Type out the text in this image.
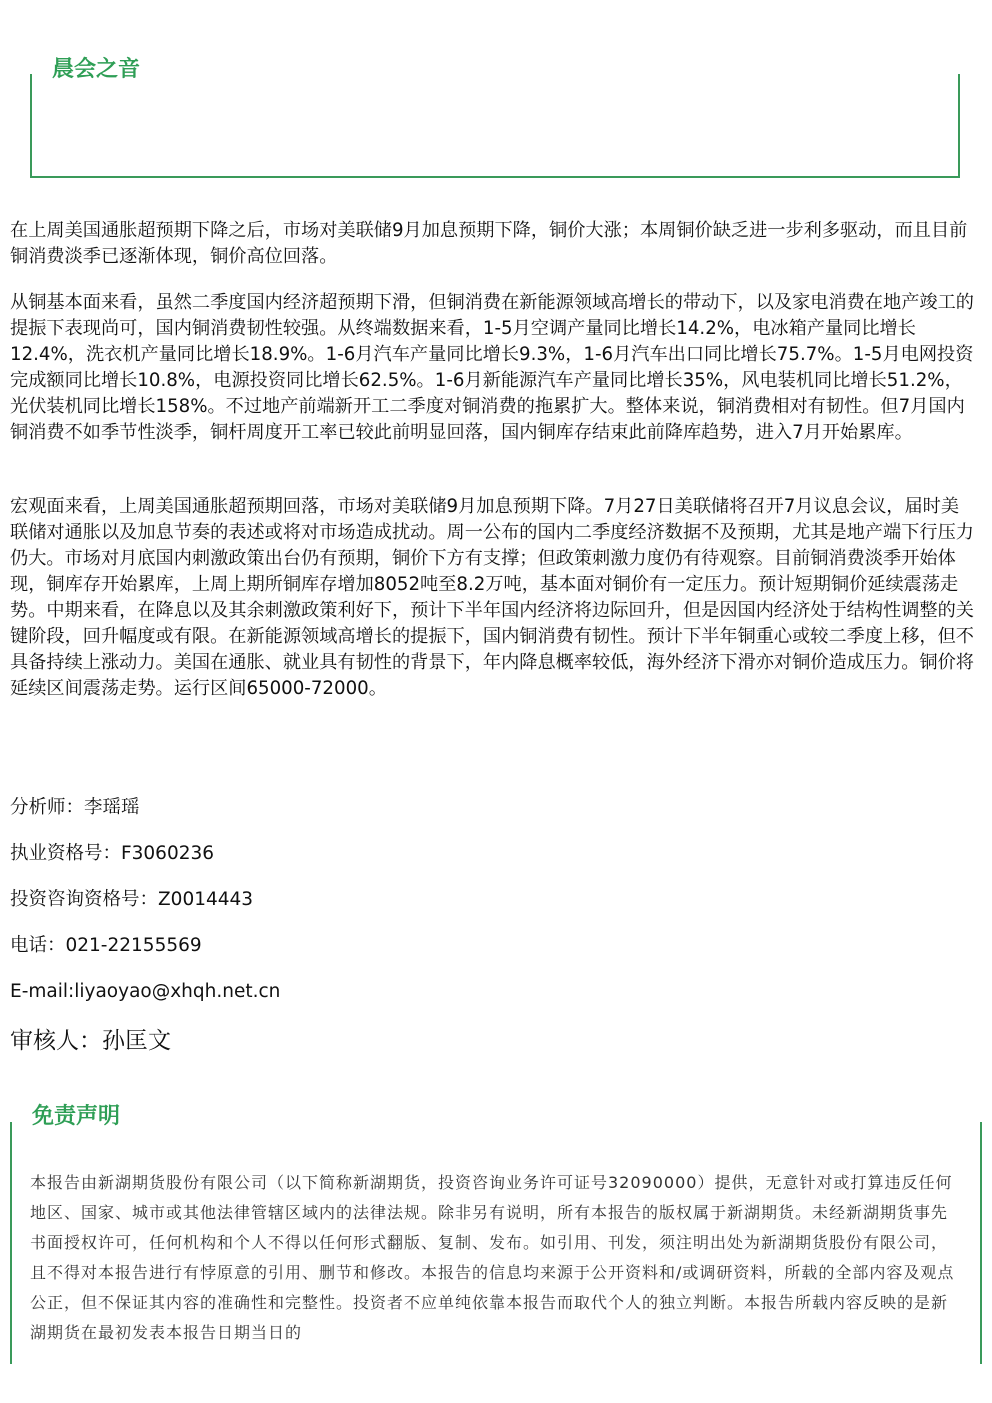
晨会之音
在上周美国通胀超预期下降之后，市场对美联储9月加息预期下降，铜价大涨；本周铜价缺乏进一步利多驱动，而且目前铜消费淡季已逐渐体现，铜价高位回落。
从铜基本面来看，虽然二季度国内经济超预期下滑，但铜消费在新能源领域高增长的带动下，以及家电消费在地产竣工的提振下表现尚可，国内铜消费韧性较强。从终端数据来看，1-5月空调产量同比增长14.2%，电冰箱产量同比增长12.4%，洗衣机产量同比增长18.9%。1-6月汽车产量同比增长9.3%，1-6月汽车出口同比增长75.7%。1-5月电网投资完成额同比增长10.8%，电源投资同比增长62.5%。1-6月新能源汽车产量同比增长35%，风电装机同比增长51.2%，光伏装机同比增长158%。不过地产前端新开工二季度对铜消费的拖累扩大。整体来说，铜消费相对有韧性。但7月国内铜消费不如季节性淡季，铜杆周度开工率已较此前明显回落，国内铜库存结束此前降库趋势，进入7月开始累库。
宏观面来看，上周美国通胀超预期回落，市场对美联储9月加息预期下降。7月27日美联储将召开7月议息会议，届时美联储对通胀以及加息节奏的表述或将对市场造成扰动。周一公布的国内二季度经济数据不及预期，尤其是地产端下行压力仍大。市场对月底国内刺激政策出台仍有预期，铜价下方有支撑；但政策刺激力度仍有待观察。目前铜消费淡季开始体现，铜库存开始累库，上周上期所铜库存增加8052吨至8.2万吨，基本面对铜价有一定压力。预计短期铜价延续震荡走势。中期来看，在降息以及其余刺激政策利好下，预计下半年国内经济将边际回升，但是因国内经济处于结构性调整的关键阶段，回升幅度或有限。在新能源领域高增长的提振下，国内铜消费有韧性。预计下半年铜重心或较二季度上移，但不具备持续上涨动力。美国在通胀、就业具有韧性的背景下，年内降息概率较低，海外经济下滑亦对铜价造成压力。铜价将延续区间震荡走势。运行区间65000-72000。
分析师：李瑶瑶
执业资格号：F3060236
投资咨询资格号：Z0014443
电话：021-22155569
E-mail:liyaoyao@xhqh.net.cn
审核人：孙匡文
免责声明
本报告由新湖期货股份有限公司（以下简称新湖期货，投资咨询业务许可证号32090000）提供，无意针对或打算违反任何地区、国家、城市或其他法律管辖区域内的法律法规。除非另有说明，所有本报告的版权属于新湖期货。未经新湖期货事先书面授权许可，任何机构和个人不得以任何形式翻版、复制、发布。如引用、刊发，须注明出处为新湖期货股份有限公司，且不得对本报告进行有悖原意的引用、删节和修改。本报告的信息均来源于公开资料和/或调研资料，所载的全部内容及观点公正，但不保证其内容的准确性和完整性。投资者不应单纯依靠本报告而取代个人的独立判断。本报告所载内容反映的是新湖期货在最初发表本报告日期当日的
